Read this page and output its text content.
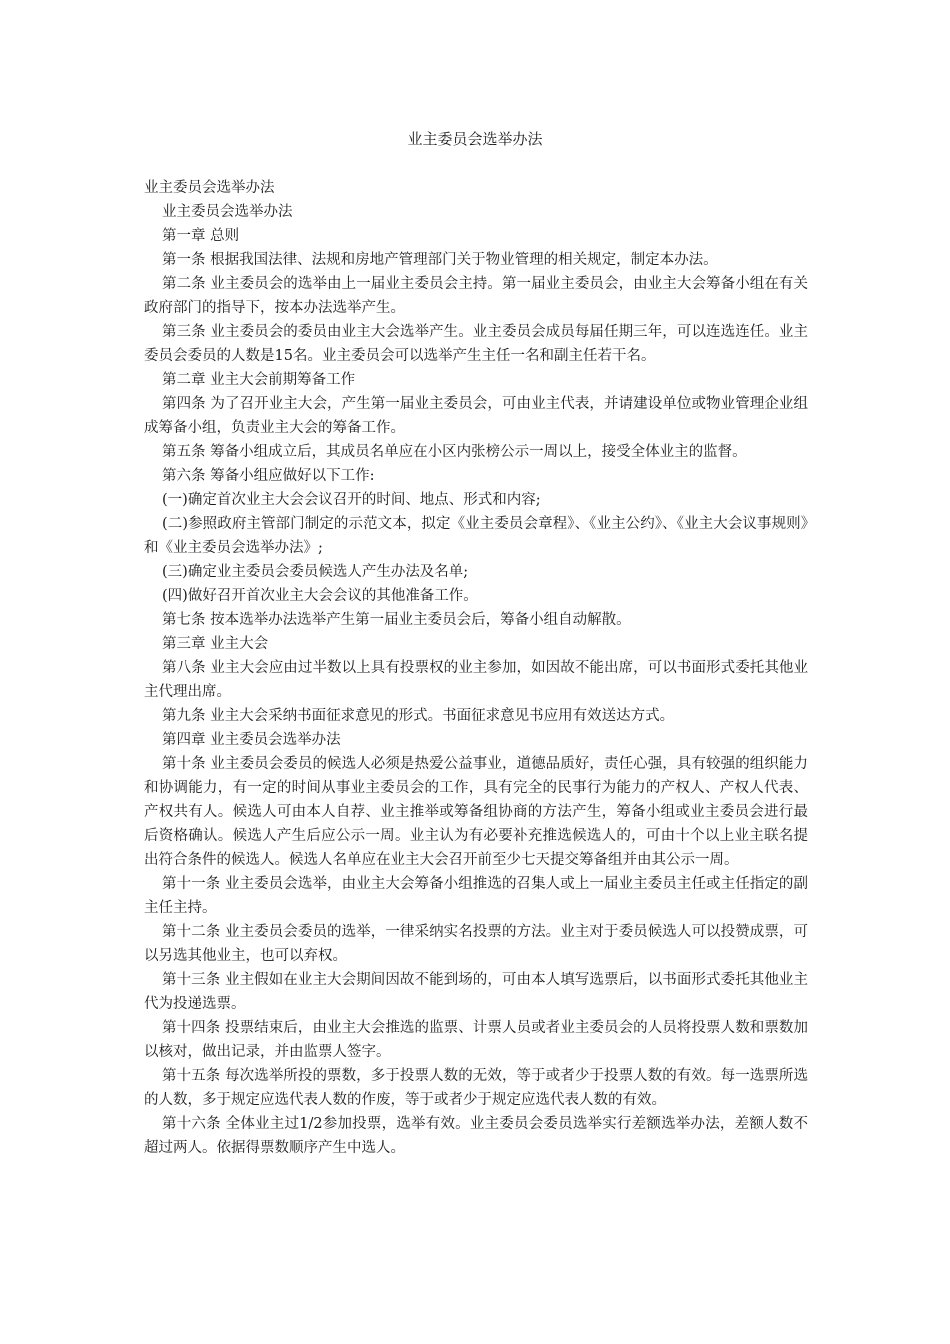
业主委员会选举办法

业主委员会选举办法

业主委员会选举办法

第一章 总则

第一条 根据我国法律、法规和房地产管理部门关于物业管理的相关规定，制定本办法。

第二条 业主委员会的选举由上一届业主委员会主持。第一届业主委员会，由业主大会筹备小组在有关政府部门的指导下，按本办法选举产生。

第三条 业主委员会的委员由业主大会选举产生。业主委员会成员每届任期三年，可以连选连任。业主委员会委员的人数是15名。业主委员会可以选举产生主任一名和副主任若干名。

第二章 业主大会前期筹备工作

第四条 为了召开业主大会，产生第一届业主委员会，可由业主代表，并请建设单位或物业管理企业组成筹备小组，负责业主大会的筹备工作。

第五条 筹备小组成立后，其成员名单应在小区内张榜公示一周以上，接受全体业主的监督。

第六条 筹备小组应做好以下工作:

(一)确定首次业主大会会议召开的时间、地点、形式和内容;

(二)参照政府主管部门制定的示范文本，拟定《业主委员会章程》、《业主公约》、《业主大会议事规则》和《业主委员会选举办法》;

(三)确定业主委员会委员候选人产生办法及名单;

(四)做好召开首次业主大会会议的其他准备工作。

第七条 按本选举办法选举产生第一届业主委员会后，筹备小组自动解散。

第三章 业主大会

第八条 业主大会应由过半数以上具有投票权的业主参加，如因故不能出席，可以书面形式委托其他业主代理出席。

第九条 业主大会采纳书面征求意见的形式。书面征求意见书应用有效送达方式。

第四章 业主委员会选举办法

第十条 业主委员会委员的候选人必须是热爱公益事业，道德品质好，责任心强，具有较强的组织能力和协调能力，有一定的时间从事业主委员会的工作，具有完全的民事行为能力的产权人、产权人代表、产权共有人。候选人可由本人自荐、业主推举或筹备组协商的方法产生，筹备小组或业主委员会进行最后资格确认。候选人产生后应公示一周。业主认为有必要补充推选候选人的，可由十个以上业主联名提出符合条件的候选人。候选人名单应在业主大会召开前至少七天提交筹备组并由其公示一周。

第十一条 业主委员会选举，由业主大会筹备小组推选的召集人或上一届业主委员主任或主任指定的副主任主持。

第十二条 业主委员会委员的选举，一律采纳实名投票的方法。业主对于委员候选人可以投赞成票，可以另选其他业主，也可以弃权。

第十三条 业主假如在业主大会期间因故不能到场的，可由本人填写选票后，以书面形式委托其他业主代为投递选票。

第十四条 投票结束后，由业主大会推选的监票、计票人员或者业主委员会的人员将投票人数和票数加以核对，做出记录，并由监票人签字。

第十五条 每次选举所投的票数，多于投票人数的无效，等于或者少于投票人数的有效。每一选票所选的人数，多于规定应选代表人数的作废，等于或者少于规定应选代表人数的有效。

第十六条 全体业主过1/2参加投票，选举有效。业主委员会委员选举实行差额选举办法，差额人数不超过两人。依据得票数顺序产生中选人。
